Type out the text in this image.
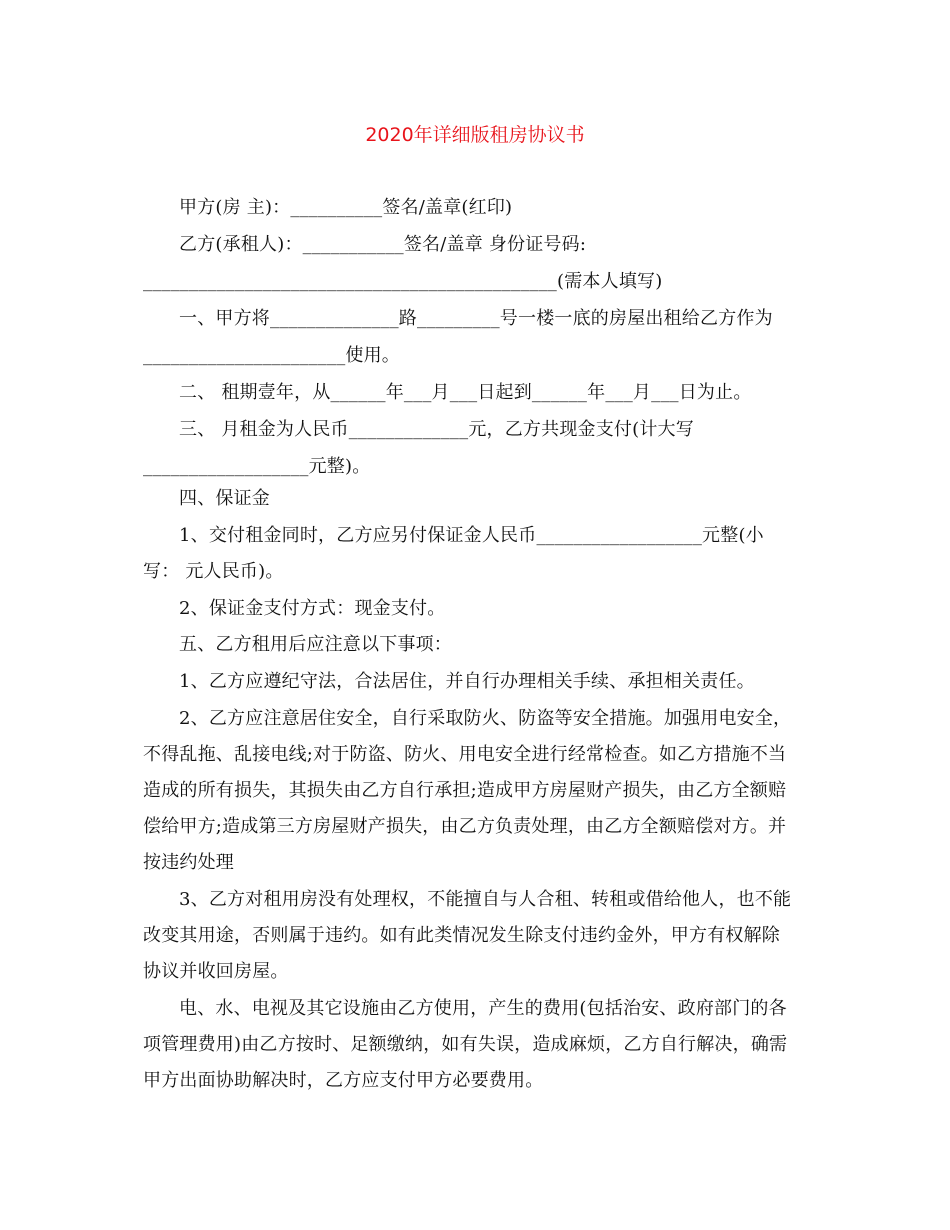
2020年详细版租房协议书
甲方(房 主)：__________签名/盖章(红印)
乙方(承租人)：___________签名/盖章 身份证号码:
_____________________________________________(需本人填写)
一、甲方将______________路_________号一楼一底的房屋出租给乙方作为
______________________使用。
二、 租期壹年，从______年___月___日起到______年___月___日为止。
三、 月租金为人民币_____________元，乙方共现金支付(计大写
__________________元整)。
四、保证金
1、交付租金同时，乙方应另付保证金人民币__________________元整(小
写： 元人民币)。
2、保证金支付方式：现金支付。
五、乙方租用后应注意以下事项：
1、乙方应遵纪守法，合法居住，并自行办理相关手续、承担相关责任。
2、乙方应注意居住安全，自行采取防火、防盗等安全措施。加强用电安全，
不得乱拖、乱接电线;对于防盗、防火、用电安全进行经常检查。如乙方措施不当
造成的所有损失，其损失由乙方自行承担;造成甲方房屋财产损失，由乙方全额赔
偿给甲方;造成第三方房屋财产损失，由乙方负责处理，由乙方全额赔偿对方。并
按违约处理
3、乙方对租用房没有处理权，不能擅自与人合租、转租或借给他人，也不能
改变其用途，否则属于违约。如有此类情况发生除支付违约金外，甲方有权解除
协议并收回房屋。
电、水、电视及其它设施由乙方使用，产生的费用(包括治安、政府部门的各
项管理费用)由乙方按时、足额缴纳，如有失误，造成麻烦，乙方自行解决，确需
甲方出面协助解决时，乙方应支付甲方必要费用。
